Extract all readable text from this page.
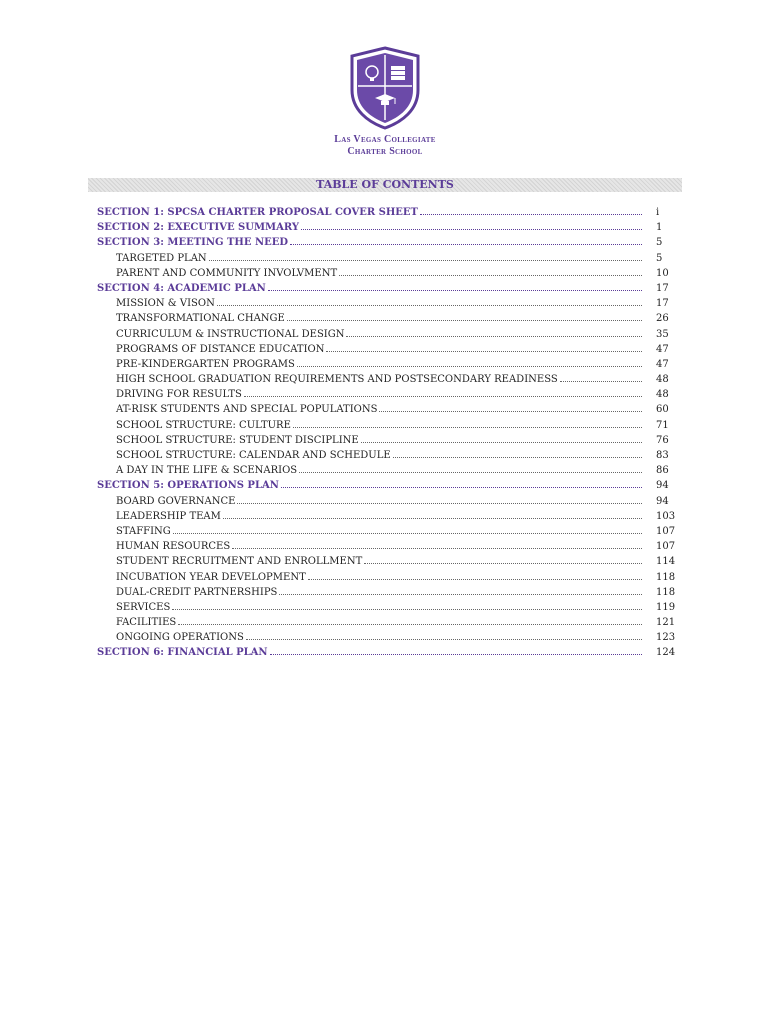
Las Vegas Collegiate
Charter School
TABLE OF CONTENTS
SECTION 1: SPCSA CHARTER PROPOSAL COVER SHEET	i
SECTION 2: EXECUTIVE SUMMARY	1
SECTION 3: MEETING THE NEED	5
TARGETED PLAN	5
PARENT AND COMMUNITY INVOLVMENT	10
SECTION 4: ACADEMIC PLAN	17
MISSION & VISON	17
TRANSFORMATIONAL CHANGE	26
CURRICULUM & INSTRUCTIONAL DESIGN	35
PROGRAMS OF DISTANCE EDUCATION	47
PRE-KINDERGARTEN PROGRAMS	47
HIGH SCHOOL GRADUATION REQUIREMENTS AND POSTSECONDARY READINESS	48
DRIVING FOR RESULTS	48
AT-RISK STUDENTS AND SPECIAL POPULATIONS	60
SCHOOL STRUCTURE: CULTURE	71
SCHOOL STRUCTURE: STUDENT DISCIPLINE	76
SCHOOL STRUCTURE: CALENDAR AND SCHEDULE	83
A DAY IN THE LIFE & SCENARIOS	86
SECTION 5: OPERATIONS PLAN	94
BOARD GOVERNANCE	94
LEADERSHIP TEAM	103
STAFFING	107
HUMAN RESOURCES	107
STUDENT RECRUITMENT AND ENROLLMENT	114
INCUBATION YEAR DEVELOPMENT	118
DUAL-CREDIT PARTNERSHIPS	118
SERVICES	119
FACILITIES	121
ONGOING OPERATIONS	123
SECTION 6: FINANCIAL PLAN	124
